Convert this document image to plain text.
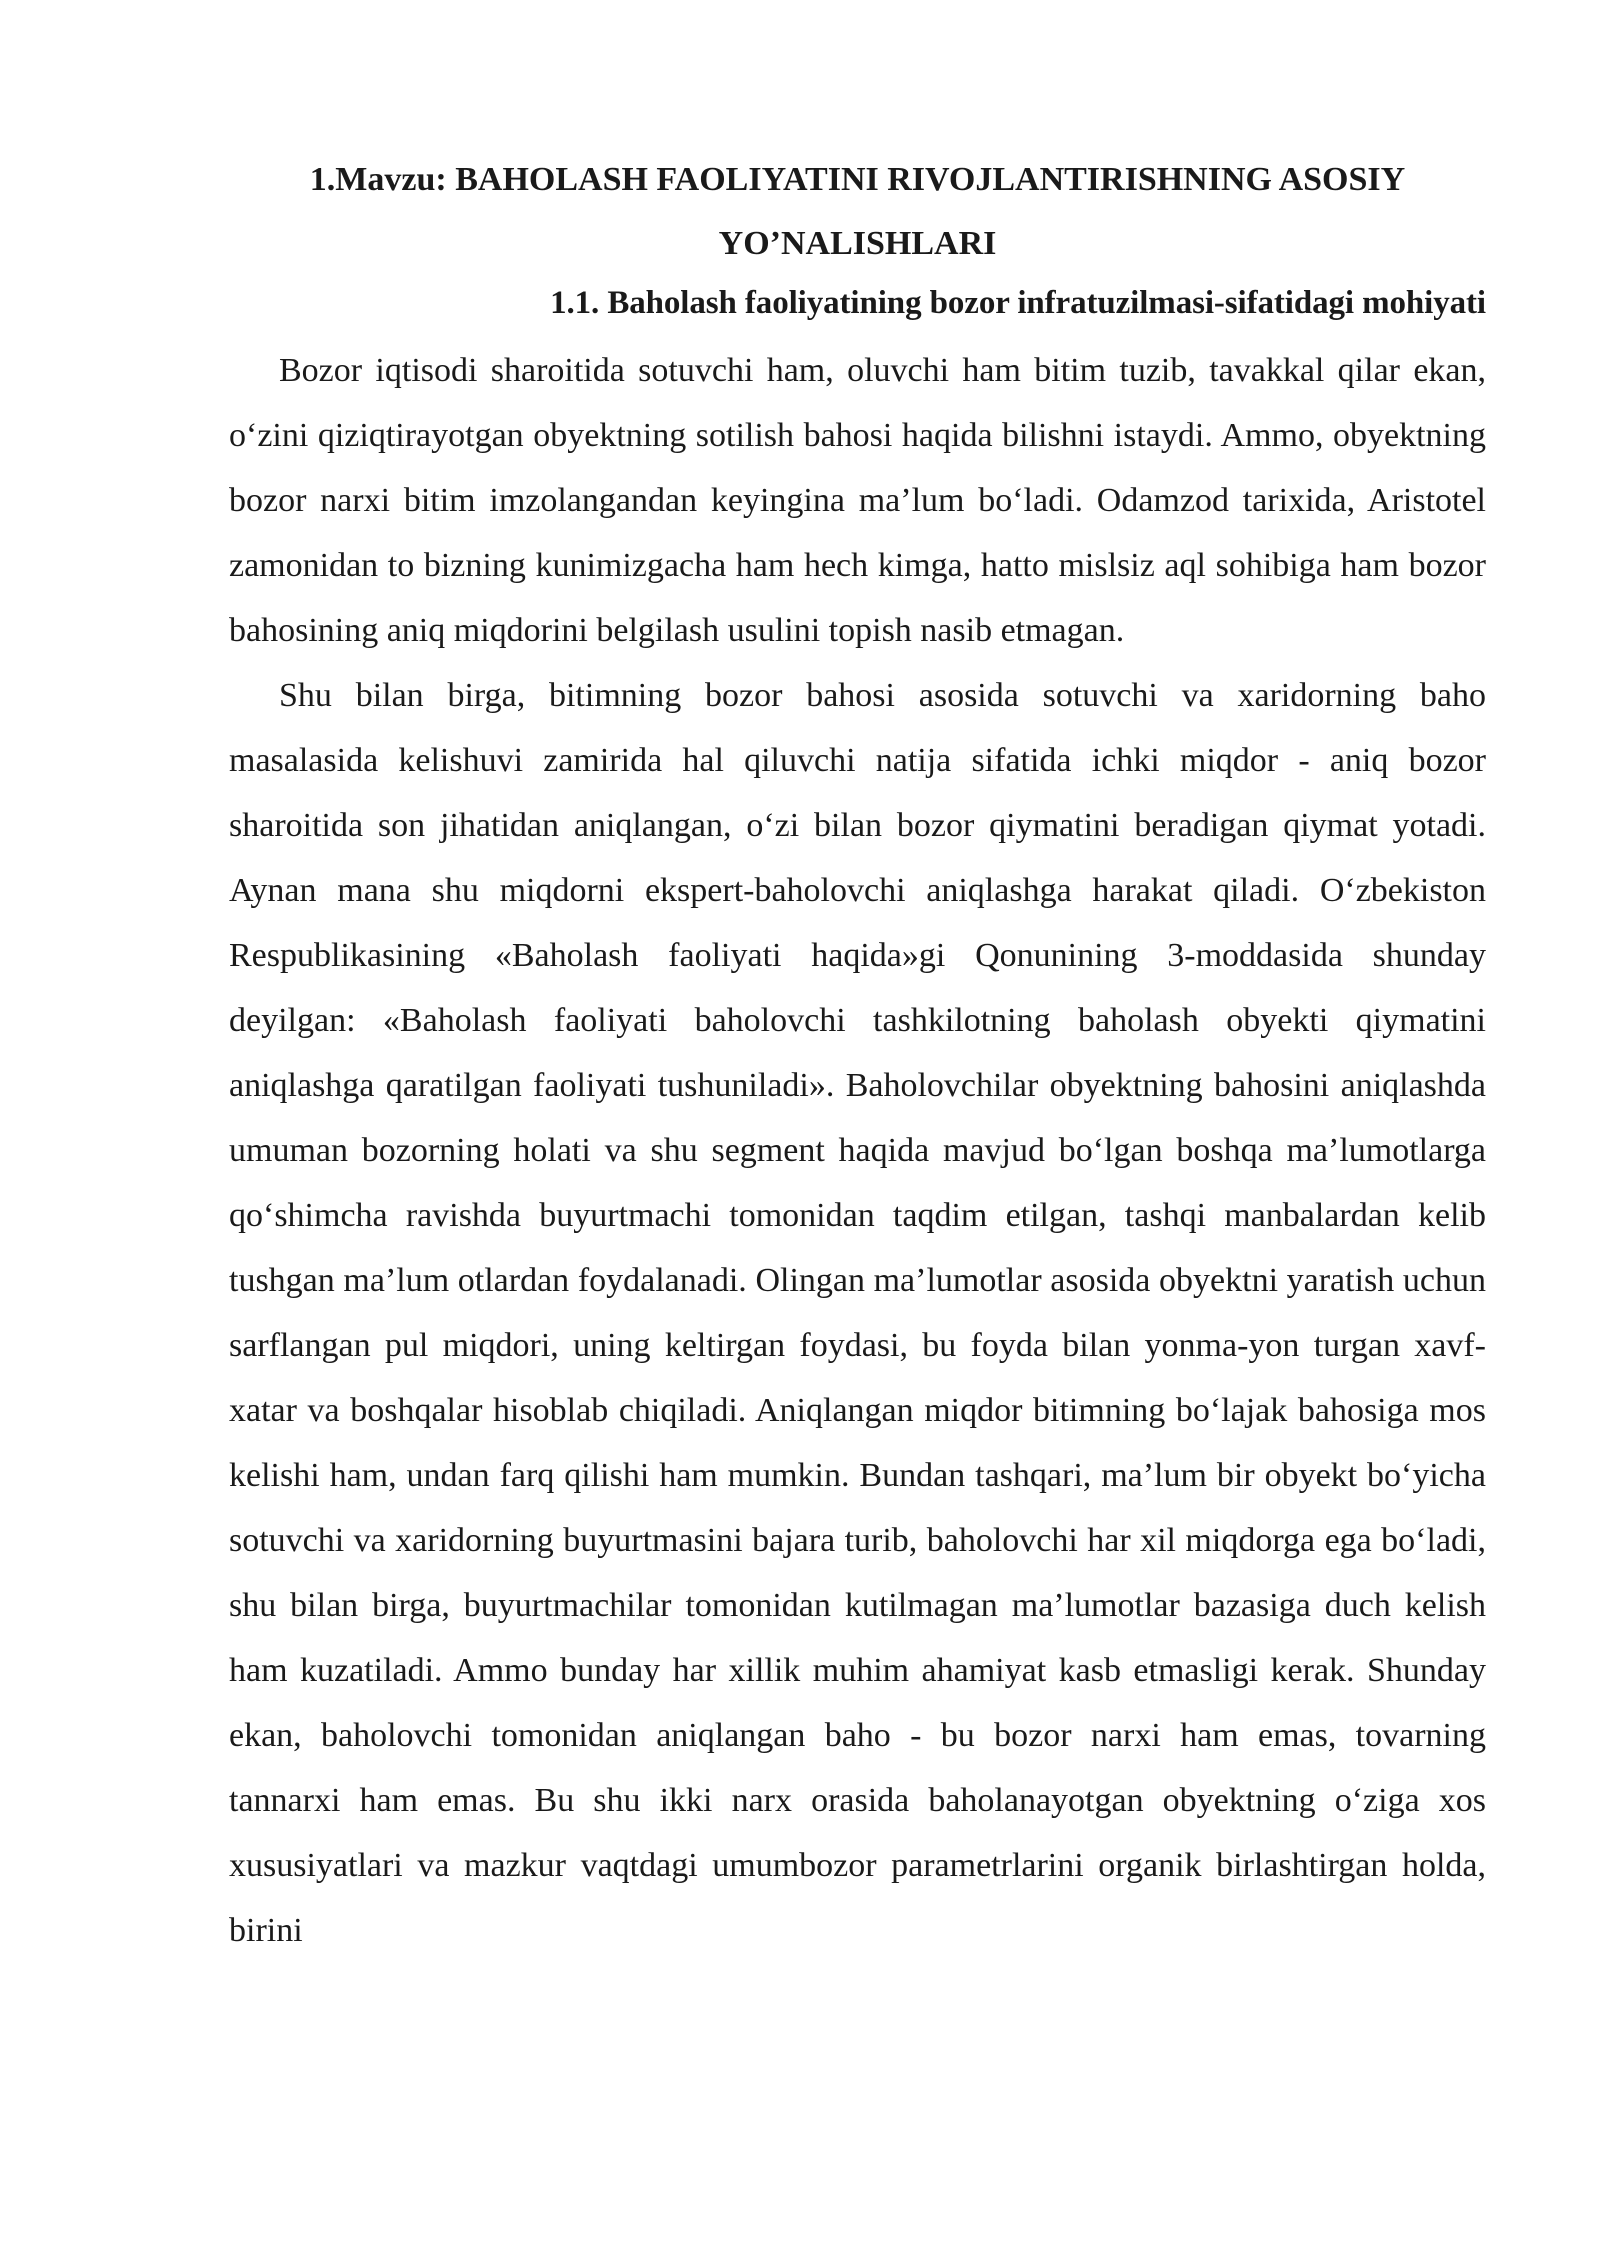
1.Mavzu: BAHOLASH FAOLIYATINI RIVOJLANTIRISHNING ASOSIY
YO’NALISHLARI
1.1. Baholash faoliyatining bozor infratuzilmasi-sifatidagi mohiyati

Bozor iqtisodi sharoitida sotuvchi ham, oluvchi ham bitim tuzib, tavakkal qilar ekan, o‘zini qiziqtirayotgan obyektning sotilish bahosi haqida bilishni istaydi. Ammo, obyektning bozor narxi bitim imzolangandan keyingina ma’lum bo‘ladi. Odamzod tarixida, Aristotel zamonidan to bizning kunimizgacha ham hech kimga, hatto mislsiz aql sohibiga ham bozor bahosining aniq miqdorini belgilash usulini topish nasib etmagan.

Shu bilan birga, bitimning bozor bahosi asosida sotuvchi va xaridorning baho masalasida kelishuvi zamirida hal qiluvchi natija sifatida ichki miqdor - aniq bozor sharoitida son jihatidan aniqlangan, o‘zi bilan bozor qiymatini beradigan qiymat yotadi. Aynan mana shu miqdorni ekspert-baholovchi aniqlashga harakat qiladi. O‘zbekiston Respublikasining «Baholash faoliyati haqida»gi Qonunining 3-moddasida shunday deyilgan: «Baholash faoliyati baholovchi tashkilotning baholash obyekti qiymatini aniqlashga qaratilgan faoliyati tushuniladi». Baholovchilar obyektning bahosini aniqlashda umuman bozorning holati va shu segment haqida mavjud bo‘lgan boshqa ma’lumotlarga qo‘shimcha ravishda buyurtmachi tomonidan taqdim etilgan, tashqi manbalardan kelib tushgan ma’lum otlardan foydalanadi. Olingan ma’lumotlar asosida obyektni yaratish uchun sarflangan pul miqdori, uning keltirgan foydasi, bu foyda bilan yonma-yon turgan xavf-xatar va boshqalar hisoblab chiqiladi. Aniqlangan miqdor bitimning bo‘lajak bahosiga mos kelishi ham, undan farq qilishi ham mumkin. Bundan tashqari, ma’lum bir obyekt bo‘yicha sotuvchi va xaridorning buyurtmasini bajara turib, baholovchi har xil miqdorga ega bo‘ladi, shu bilan birga, buyurtmachilar tomonidan kutilmagan ma’lumotlar bazasiga duch kelish ham kuzatiladi. Ammo bunday har xillik muhim ahamiyat kasb etmasligi kerak. Shunday ekan, baholovchi tomonidan aniqlangan baho - bu bozor narxi ham emas, tovarning tannarxi ham emas. Bu shu ikki narx orasida baholanayotgan obyektning o‘ziga xos xususiyatlari va mazkur vaqtdagi umumbozor parametrlarini organik birlashtirgan holda, birini
